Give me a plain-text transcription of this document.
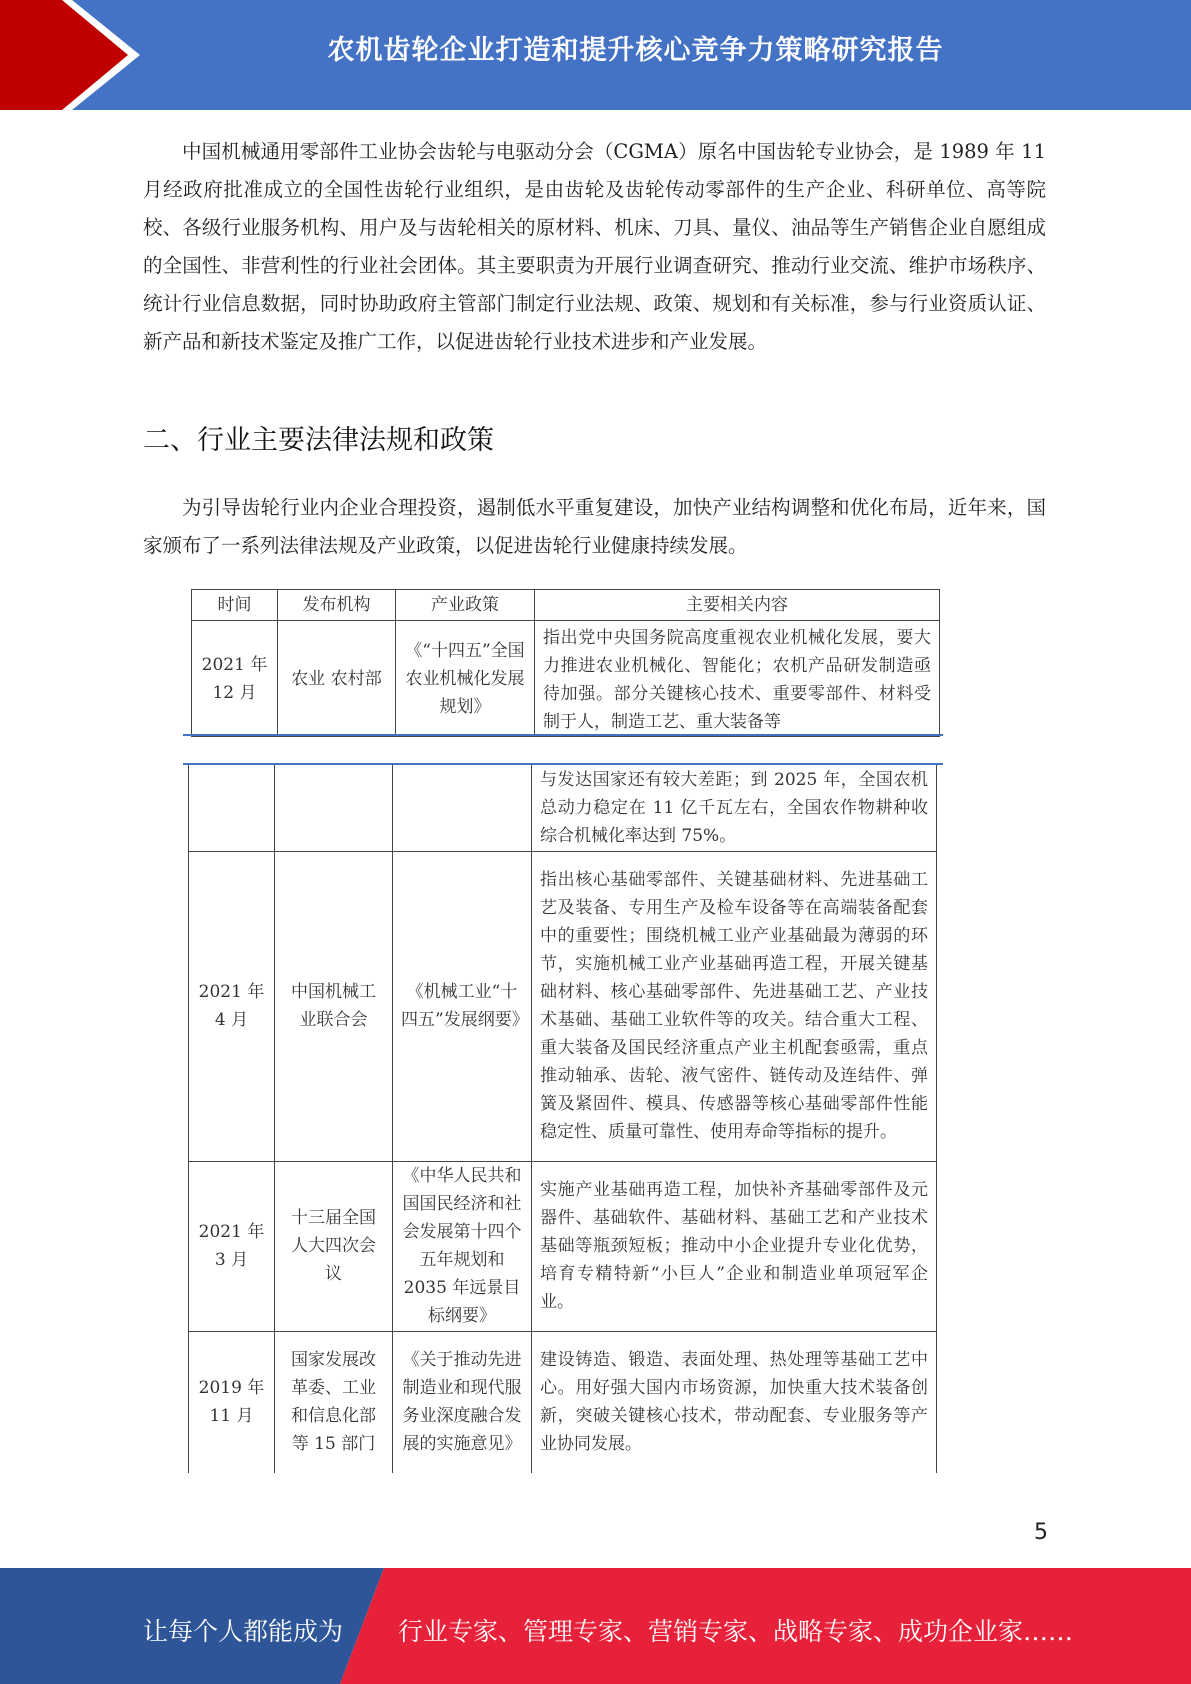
农机齿轮企业打造和提升核心竞争力策略研究报告

中国机械通用零部件工业协会齿轮与电驱动分会（CGMA）原名中国齿轮专业协会，是 1989 年 11 月经政府批准成立的全国性齿轮行业组织，是由齿轮及齿轮传动零部件的生产企业、科研单位、高等院校、各级行业服务机构、用户及与齿轮相关的原材料、机床、刀具、量仪、油品等生产销售企业自愿组成的全国性、非营利性的行业社会团体。其主要职责为开展行业调查研究、推动行业交流、维护市场秩序、统计行业信息数据，同时协助政府主管部门制定行业法规、政策、规划和有关标准，参与行业资质认证、新产品和新技术鉴定及推广工作，以促进齿轮行业技术进步和产业发展。

二、行业主要法律法规和政策

为引导齿轮行业内企业合理投资，遏制低水平重复建设，加快产业结构调整和优化布局，近年来，国家颁布了一系列法律法规及产业政策，以促进齿轮行业健康持续发展。

时间	发布机构	产业政策	主要相关内容
2021 年 12 月	农业 农村部	《“十四五”全国农业机械化发展规划》	指出党中央国务院高度重视农业机械化发展，要大力推进农业机械化、智能化；农机产品研发制造亟待加强。部分关键核心技术、重要零部件、材料受制于人，制造工艺、重大装备等
			与发达国家还有较大差距；到 2025 年，全国农机总动力稳定在 11 亿千瓦左右，全国农作物耕种收综合机械化率达到 75%。
2021 年 4 月	中国机械工业联合会	《机械工业“十四五”发展纲要》	指出核心基础零部件、关键基础材料、先进基础工艺及装备、专用生产及检车设备等在高端装备配套中的重要性；围绕机械工业产业基础最为薄弱的环节，实施机械工业产业基础再造工程，开展关键基础材料、核心基础零部件、先进基础工艺、产业技术基础、基础工业软件等的攻关。结合重大工程、重大装备及国民经济重点产业主机配套亟需，重点推动轴承、齿轮、液气密件、链传动及连结件、弹簧及紧固件、模具、传感器等核心基础零部件性能稳定性、质量可靠性、使用寿命等指标的提升。
2021 年 3 月	十三届全国人大四次会议	《中华人民共和国国民经济和社会发展第十四个五年规划和 2035 年远景目标纲要》	实施产业基础再造工程，加快补齐基础零部件及元器件、基础软件、基础材料、基础工艺和产业技术基础等瓶颈短板；推动中小企业提升专业化优势，培育专精特新“小巨人”企业和制造业单项冠军企业。
2019 年 11 月	国家发展改革委、工业和信息化部等 15 部门	《关于推动先进制造业和现代服务业深度融合发展的实施意见》	建设铸造、锻造、表面处理、热处理等基础工艺中心。用好强大国内市场资源，加快重大技术装备创新，突破关键核心技术，带动配套、专业服务等产业协同发展。
5
让每个人都能成为 行业专家、管理专家、营销专家、战略专家、成功企业家……
